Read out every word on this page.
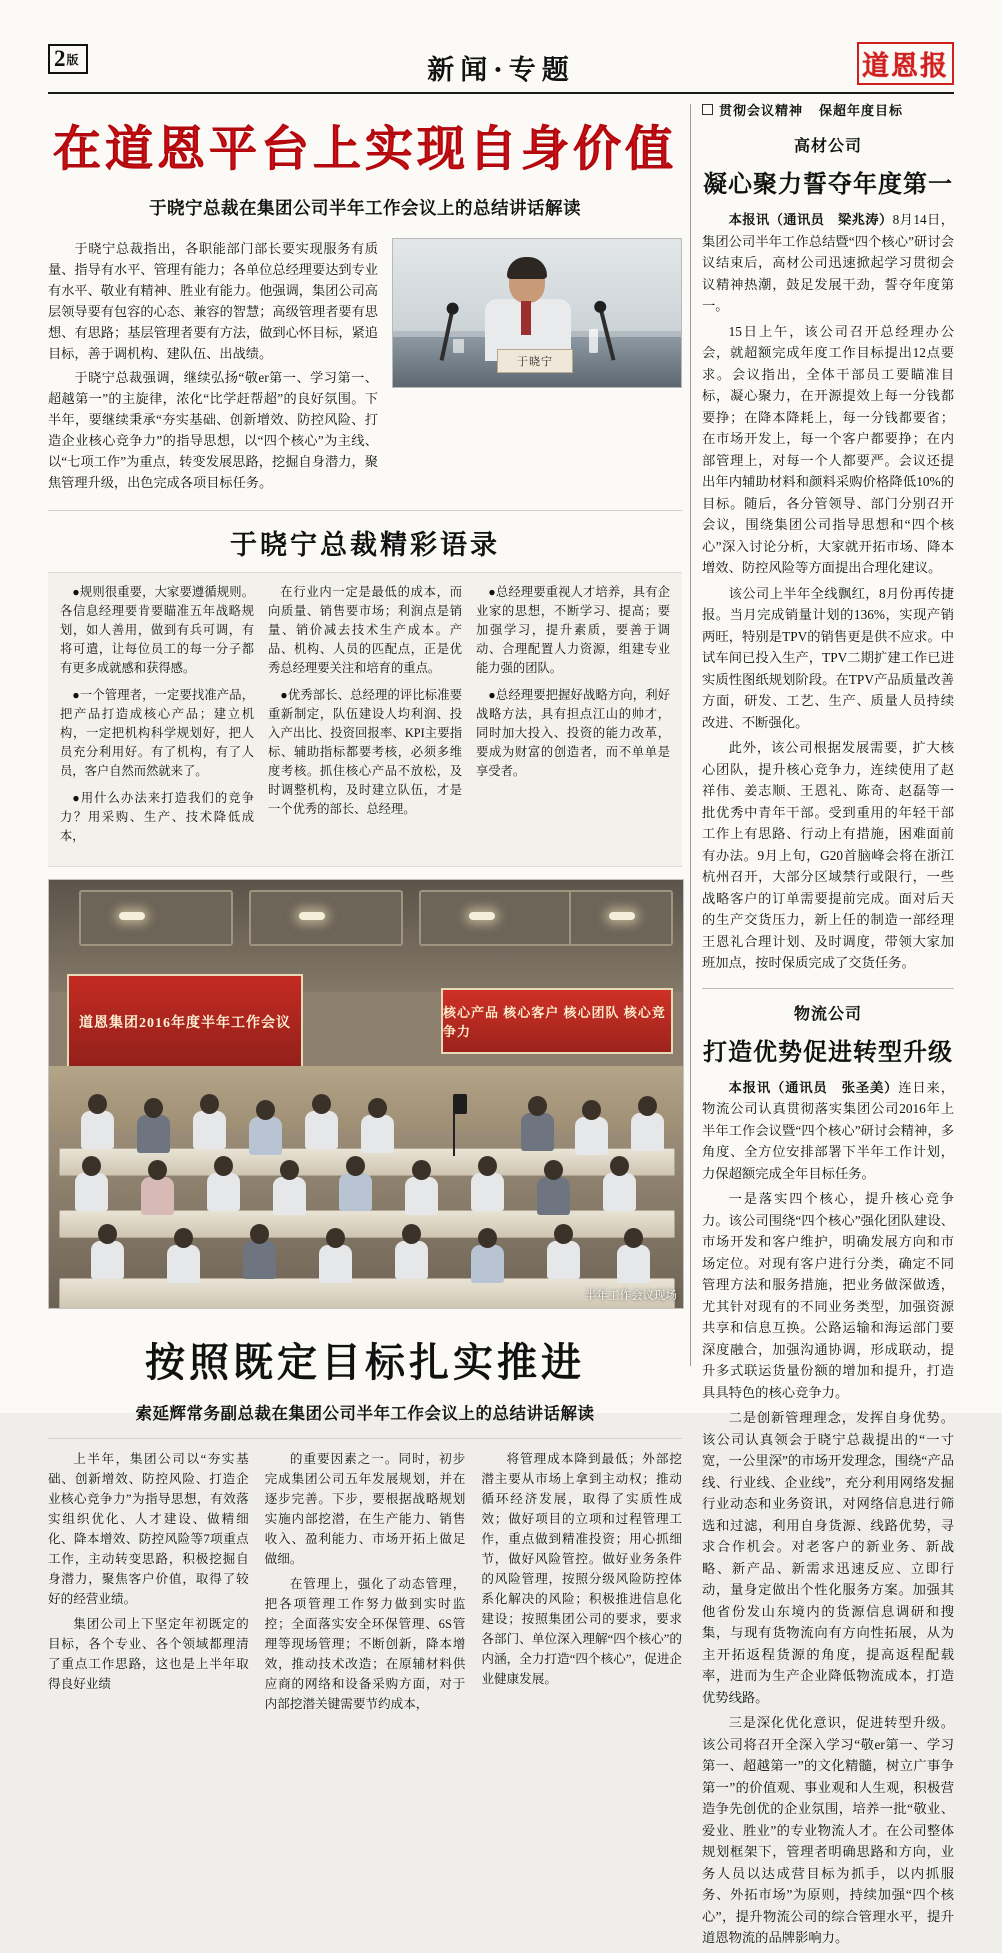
2版	新闻·专题	道恩报
在道恩平台上实现自身价值
于晓宁总裁在集团公司半年工作会议上的总结讲话解读

于晓宁总裁指出，各职能部门部长要实现服务有质量、指导有水平、管理有能力；各单位总经理要达到专业有水平、敬业有精神、胜业有能力。他强调，集团公司高层领导要有包容的心态、兼容的智慧；高级管理者要有思想、有思路；基层管理者要有方法，做到心怀目标，紧追目标，善于调机构、建队伍、出战绩。

于晓宁总裁强调，继续弘扬“敬er第一、学习第一、超越第一”的主旋律，浓化“比学赶帮超”的良好氛围。下半年，要继续秉承“夯实基础、创新增效、防控风险、打造企业核心竞争力”的指导思想，以“四个核心”为主线、以“七项工作”为重点，转变发展思路，挖掘自身潜力，聚焦管理升级，出色完成各项目标任务。

于晓宁
于晓宁总裁精彩语录

●规则很重要，大家要遵循规则。各信息经理要肯要瞄准五年战略规划，如人善用，做到有兵可调，有将可遣，让每位员工的每一分子都有更多成就感和获得感。

●一个管理者，一定要找准产品，把产品打造成核心产品；建立机构，一定把机构科学规划好，把人员充分利用好。有了机构，有了人员，客户自然而然就来了。

●用什么办法来打造我们的竞争力？用采购、生产、技术降低成本，

在行业内一定是最低的成本，而向质量、销售要市场；利润点是销量、销价减去技术生产成本。产品、机构、人员的匹配点，正是优秀总经理要关注和培育的重点。

●优秀部长、总经理的评比标准要重新制定，队伍建设人均利润、投入产出比、投资回报率、KPI主要指标、辅助指标都要考核，必须多维度考核。抓住核心产品不放松，及时调整机构，及时建立队伍，才是一个优秀的部长、总经理。

●总经理要重视人才培养，具有企业家的思想，不断学习、提高；要加强学习，提升素质，要善于调动、合理配置人力资源，组建专业能力强的团队。

●总经理要把握好战略方向，利好战略方法，具有担点江山的帅才，同时加大投入、投资的能力改革，要成为财富的创造者，而不单单是享受者。

道恩集团2016年度半年工作会议
核心产品 核心客户 核心团队 核心竞争力
半年工作会议现场
按照既定目标扎实推进
索延辉常务副总裁在集团公司半年工作会议上的总结讲话解读

上半年，集团公司以“夯实基础、创新增效、防控风险、打造企业核心竞争力”为指导思想，有效落实组织优化、人才建设、做精细化、降本增效、防控风险等7项重点工作，主动转变思路，积极挖掘自身潜力，聚焦客户价值，取得了较好的经营业绩。

集团公司上下坚定年初既定的目标，各个专业、各个领域都理清了重点工作思路，这也是上半年取得良好业绩

的重要因素之一。同时，初步完成集团公司五年发展规划，并在逐步完善。下步，要根据战略规划实施内部挖潜，在生产能力、销售收入、盈利能力、市场开拓上做足做细。

在管理上，强化了动态管理，把各项管理工作努力做到实时监控；全面落实安全环保管理、6S管理等现场管理；不断创新，降本增效，推动技术改造；在原辅材料供应商的网络和设备采购方面，对于内部挖潜关键需要节约成本，

将管理成本降到最低；外部挖潜主要从市场上拿到主动权；推动循环经济发展，取得了实质性成效；做好项目的立项和过程管理工作，重点做到精准投资；用心抓细节，做好风险管控。做好业务条件的风险管理，按照分级风险防控体系化解决的风险；积极推进信息化建设；按照集团公司的要求，要求各部门、单位深入理解“四个核心”的内涵，全力打造“四个核心”，促进企业健康发展。

贯彻会议精神 保超年度目标
高材公司
凝心聚力誓夺年度第一

本报讯（通讯员　梁兆涛）8月14日，集团公司半年工作总结暨“四个核心”研讨会议结束后，高材公司迅速掀起学习贯彻会议精神热潮，鼓足发展干劲，誓夺年度第一。

15日上午，该公司召开总经理办公会，就超额完成年度工作目标提出12点要求。会议指出，全体干部员工要瞄准目标，凝心聚力，在开源提效上每一分钱都要挣；在降本降耗上，每一分钱都要省；在市场开发上，每一个客户都要挣；在内部管理上，对每一个人都要严。会议还提出年内辅助材料和颜料采购价格降低10%的目标。随后，各分管领导、部门分别召开会议，围绕集团公司指导思想和“四个核心”深入讨论分析，大家就开拓市场、降本增效、防控风险等方面提出合理化建议。

该公司上半年全线飘红，8月份再传捷报。当月完成销量计划的136%，实现产销两旺，特别是TPV的销售更是供不应求。中试车间已投入生产，TPV二期扩建工作已进实质性图纸规划阶段。在TPV产品质量改善方面，研发、工艺、生产、质量人员持续改进、不断强化。

此外，该公司根据发展需要，扩大核心团队，提升核心竞争力，连续使用了赵祥伟、姜志顺、王恩礼、陈奇、赵磊等一批优秀中青年干部。受到重用的年轻干部工作上有思路、行动上有措施，困难面前有办法。9月上旬，G20首脑峰会将在浙江杭州召开，大部分区域禁行或限行，一些战略客户的订单需要提前完成。面对后天的生产交货压力，新上任的制造一部经理王恩礼合理计划、及时调度，带领大家加班加点，按时保质完成了交货任务。

物流公司
打造优势促进转型升级

本报讯（通讯员　张圣美）连日来，物流公司认真贯彻落实集团公司2016年上半年工作会议暨“四个核心”研讨会精神，多角度、全方位安排部署下半年工作计划，力保超额完成全年目标任务。

一是落实四个核心，提升核心竞争力。该公司围绕“四个核心”强化团队建设、市场开发和客户维护，明确发展方向和市场定位。对现有客户进行分类，确定不同管理方法和服务措施，把业务做深做透，尤其针对现有的不同业务类型，加强资源共享和信息互换。公路运输和海运部门要深度融合，加强沟通协调，形成联动，提升多式联运货量份额的增加和提升，打造具具特色的核心竞争力。

二是创新管理理念，发挥自身优势。该公司认真领会于晓宁总裁提出的“一寸宽，一公里深”的市场开发理念，围绕“产品线、行业线、企业线”，充分利用网络发掘行业动态和业务资讯，对网络信息进行筛选和过滤，利用自身货源、线路优势，寻求合作机会。对老客户的新业务、新战略、新产品、新需求迅速反应、立即行动，量身定做出个性化服务方案。加强其他省份发山东境内的货源信息调研和搜集，与现有货物流向有方向性拓展，从为主开拓返程货源的角度，提高返程配载率，进而为生产企业降低物流成本，打造优势线路。

三是深化优化意识，促进转型升级。该公司将召开全深入学习“敬er第一、学习第一、超越第一”的文化精髓，树立广事争第一”的价值观、事业观和人生观，积极营造争先创优的企业氛围，培养一批“敬业、爱业、胜业”的专业物流人才。在公司整体规划框架下，管理者明确思路和方向，业务人员以达成营目标为抓手，以内抓服务、外拓市场”为原则，持续加强“四个核心”，提升物流公司的综合管理水平，提升道恩物流的品牌影响力。
